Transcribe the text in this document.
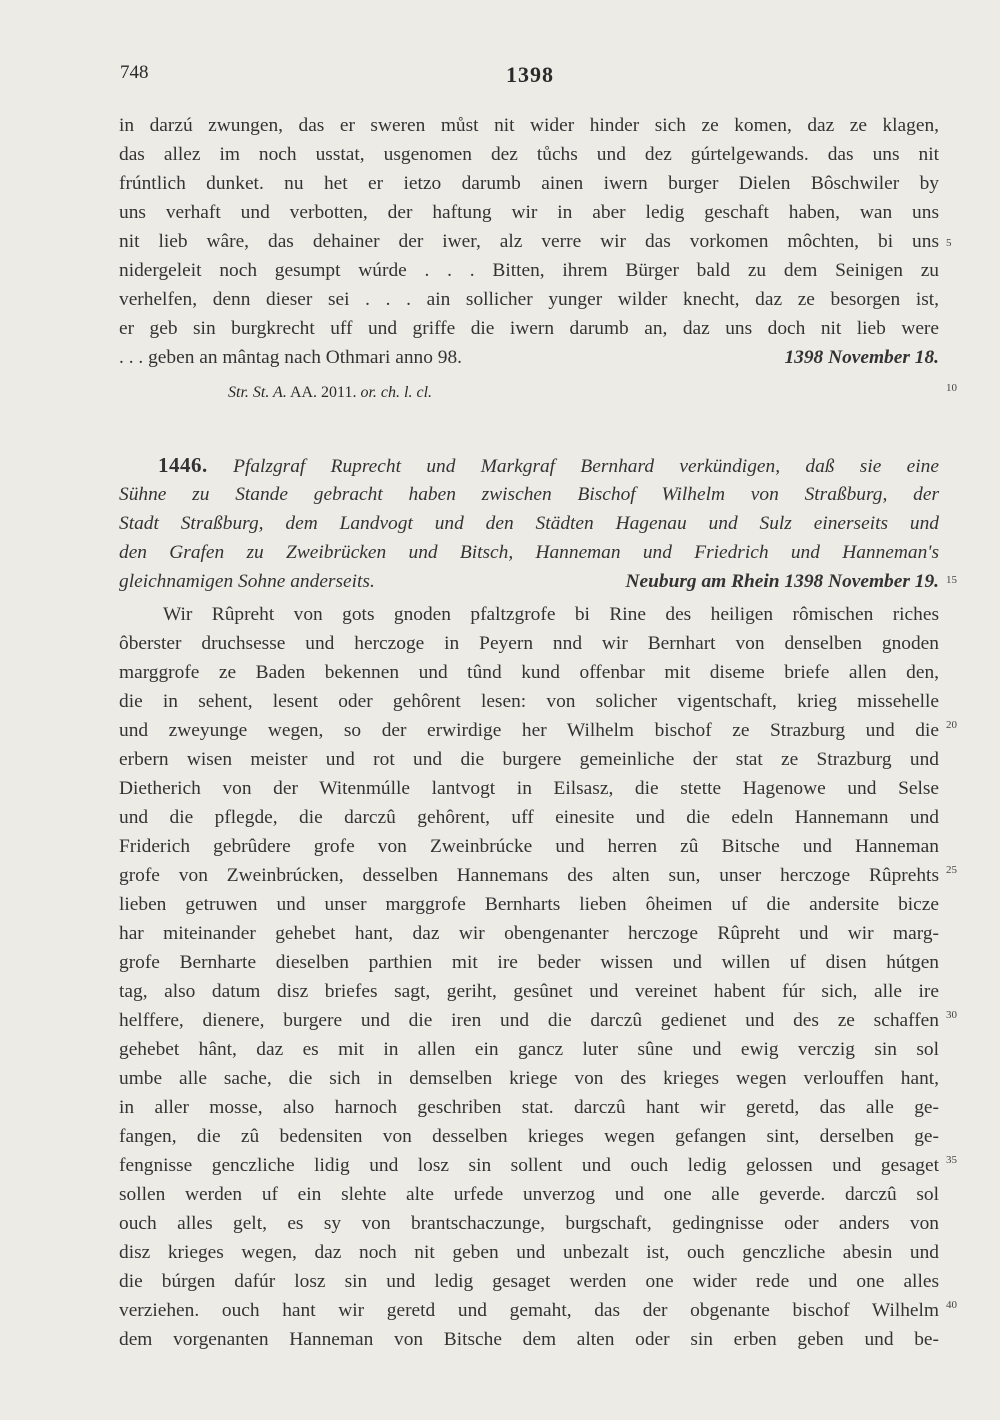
748	1398
in darzú zwungen, das er sweren můst nit wider hinder sich ze komen, daz ze klagen,
das allez im noch usstat, usgenomen dez tůchs und dez gúrtelgewands. das uns nit
frúntlich dunket. nu het er ietzo darumb ainen iwern burger Dielen Bôschwiler by
uns verhaft und verbotten, der haftung wir in aber ledig geschaft haben, wan uns
nit lieb wâre, das dehainer der iwer, alz verre wir das vorkomen môchten, bi uns
nidergeleit noch gesumpt wúrde . . . Bitten, ihrem Bürger bald zu dem Seinigen zu
verhelfen, denn dieser sei . . . ain sollicher yunger wilder knecht, daz ze besorgen ist,
er geb sin burgkrecht uff und griffe die iwern darumb an, daz uns doch nit lieb were
. . . geben an mântag nach Othmari anno 98.	1398 November 18.
Str. St. A. AA. 2011. or. ch. l. cl.
1446. Pfalzgraf Ruprecht und Markgraf Bernhard verkündigen, daß sie eine
Sühne zu Stande gebracht haben zwischen Bischof Wilhelm von Straßburg, der
Stadt Straßburg, dem Landvogt und den Städten Hagenau und Sulz einerseits und
den Grafen zu Zweibrücken und Bitsch, Hanneman und Friedrich und Hanneman's
gleichnamigen Sohne anderseits.	Neuburg am Rhein 1398 November 19.
Wir Rûpreht von gots gnoden pfaltzgrofe bi Rine des heiligen rômischen riches
ôberster druchsesse und herczoge in Peyern nnd wir Bernhart von denselben gnoden
marggrofe ze Baden bekennen und tûnd kund offenbar mit diseme briefe allen den,
die in sehent, lesent oder gehôrent lesen: von solicher vigentschaft, krieg missehelle
und zweyunge wegen, so der erwirdige her Wilhelm bischof ze Strazburg und die
erbern wisen meister und rot und die burgere gemeinliche der stat ze Strazburg und
Dietherich von der Witenmúlle lantvogt in Eilsasz, die stette Hagenowe und Selse
und die pflegde, die darczû gehôrent, uff einesite und die edeln Hannemann und
Friderich gebrûdere grofe von Zweinbrúcke und herren zû Bitsche und Hanneman
grofe von Zweinbrúcken, desselben Hannemans des alten sun, unser herczoge Rûprehts
lieben getruwen und unser marggrofe Bernharts lieben ôheimen uf die andersite bicze
har miteinander gehebet hant, daz wir obengenanter herczoge Rûpreht und wir marg-
grofe Bernharte dieselben parthien mit ire beder wissen und willen uf disen hútgen
tag, also datum disz briefes sagt, geriht, gesûnet und vereinet habent fúr sich, alle ire
helffere, dienere, burgere und die iren und die darczû gedienet und des ze schaffen
gehebet hânt, daz es mit in allen ein gancz luter sûne und ewig verczig sin sol
umbe alle sache, die sich in demselben kriege von des krieges wegen verlouffen hant,
in aller mosse, also harnoch geschriben stat. darczû hant wir geretd, das alle ge-
fangen, die zû bedensiten von desselben krieges wegen gefangen sint, derselben ge-
fengnisse genczliche lidig und losz sin sollent und ouch ledig gelossen und gesaget
sollen werden uf ein slehte alte urfede unverzog und one alle geverde. darczû sol
ouch alles gelt, es sy von brantschaczunge, burgschaft, gedingnisse oder anders von
disz krieges wegen, daz noch nit geben und unbezalt ist, ouch genczliche abesin und
die búrgen dafúr losz sin und ledig gesaget werden one wider rede und one alles
verziehen. ouch hant wir geretd und gemaht, das der obgenante bischof Wilhelm
dem vorgenanten Hanneman von Bitsche dem alten oder sin erben geben und be-
5
10
15
20
25
30
35
40
